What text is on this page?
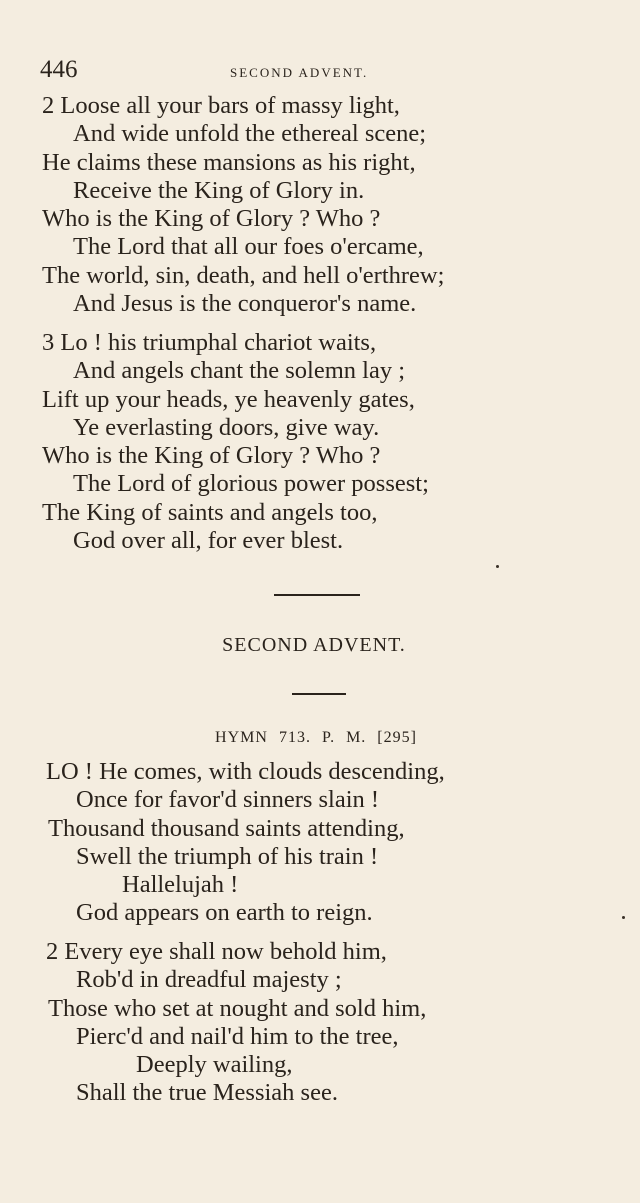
446	SECOND ADVENT.
2 Loose all your bars of massy light,
And wide unfold the ethereal scene;
He claims these mansions as his right,
Receive the King of Glory in.
Who is the King of Glory ? Who ?
The Lord that all our foes o'ercame,
The world, sin, death, and hell o'erthrew;
And Jesus is the conqueror's name.
3 Lo ! his triumphal chariot waits,
And angels chant the solemn lay ;
Lift up your heads, ye heavenly gates,
Ye everlasting doors, give way.
Who is the King of Glory ? Who ?
The Lord of glorious power possest;
The King of saints and angels too,
God over all, for ever blest.
SECOND ADVENT.
HYMN 713. P. M. [295]
LO ! He comes, with clouds descending,
Once for favor'd sinners slain !
Thousand thousand saints attending,
Swell the triumph of his train !
Hallelujah !
God appears on earth to reign.
2 Every eye shall now behold him,
Rob'd in dreadful majesty ;
Those who set at nought and sold him,
Pierc'd and nail'd him to the tree,
Deeply wailing,
Shall the true Messiah see.
